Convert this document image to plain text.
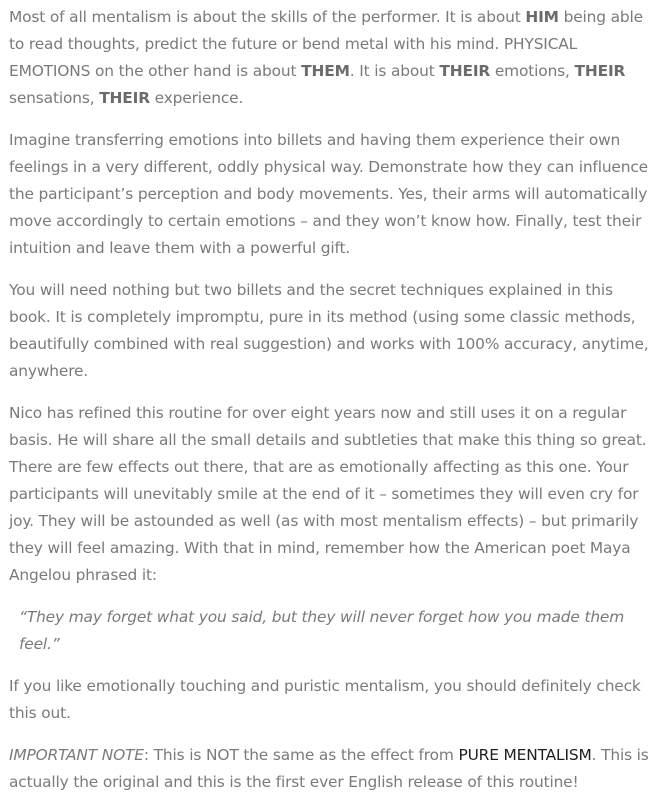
Most of all mentalism is about the skills of the performer. It is about HIM being able to read thoughts, predict the future or bend metal with his mind. PHYSICAL EMOTIONS on the other hand is about THEM. It is about THEIR emotions, THEIR sensations, THEIR experience.

Imagine transferring emotions into billets and having them experience their own feelings in a very different, oddly physical way. Demonstrate how they can influence the participant’s perception and body movements. Yes, their arms will automatically move accordingly to certain emotions – and they won’t know how. Finally, test their intuition and leave them with a powerful gift.

You will need nothing but two billets and the secret techniques explained in this book. It is completely impromptu, pure in its method (using some classic methods, beautifully combined with real suggestion) and works with 100% accuracy, anytime, anywhere.

Nico has refined this routine for over eight years now and still uses it on a regular basis. He will share all the small details and subtleties that make this thing so great. There are few effects out there, that are as emotionally affecting as this one. Your participants will unevitably smile at the end of it – sometimes they will even cry for joy. They will be astounded as well (as with most mentalism effects) – but primarily they will feel amazing. With that in mind, remember how the American poet Maya Angelou phrased it:

“They may forget what you said, but they will never forget how you made them feel.”

If you like emotionally touching and puristic mentalism, you should definitely check this out.

IMPORTANT NOTE: This is NOT the same as the effect from PURE MENTALISM. This is actually the original and this is the first ever English release of this routine!
